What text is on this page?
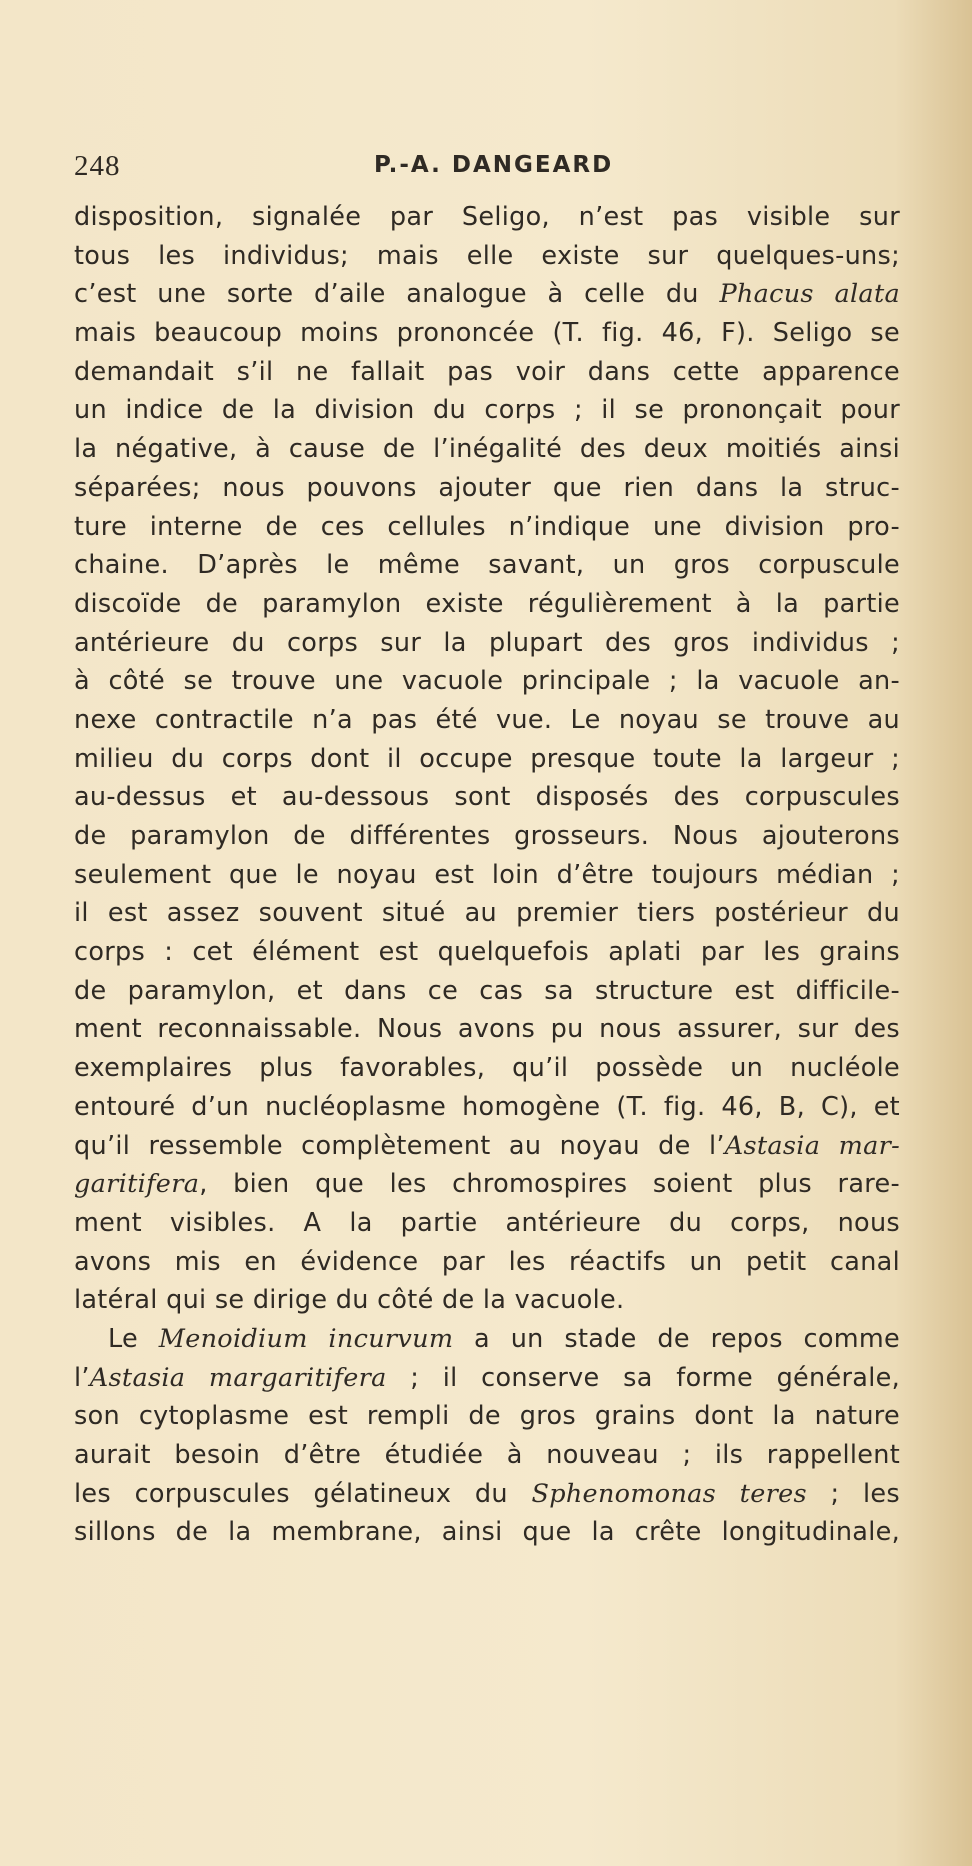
248	P.-A. DANGEARD
disposition, signalée par Seligo, n’est pas visible sur
tous les individus; mais elle existe sur quelques-uns;
c’est une sorte d’aile analogue à celle du Phacus alata
mais beaucoup moins prononcée (T. fig. 46, F). Seligo se
demandait s’il ne fallait pas voir dans cette apparence
un indice de la division du corps ; il se prononçait pour
la négative, à cause de l’inégalité des deux moitiés ainsi
séparées; nous pouvons ajouter que rien dans la struc-
ture interne de ces cellules n’indique une division pro-
chaine. D’après le même savant, un gros corpuscule
discoïde de paramylon existe régulièrement à la partie
antérieure du corps sur la plupart des gros individus ;
à côté se trouve une vacuole principale ; la vacuole an-
nexe contractile n’a pas été vue. Le noyau se trouve au
milieu du corps dont il occupe presque toute la largeur ;
au-dessus et au-dessous sont disposés des corpuscules
de paramylon de différentes grosseurs. Nous ajouterons
seulement que le noyau est loin d’être toujours médian ;
il est assez souvent situé au premier tiers postérieur du
corps : cet élément est quelquefois aplati par les grains
de paramylon, et dans ce cas sa structure est difficile-
ment reconnaissable. Nous avons pu nous assurer, sur des
exemplaires plus favorables, qu’il possède un nucléole
entouré d’un nucléoplasme homogène (T. fig. 46, B, C), et
qu’il ressemble complètement au noyau de l’Astasia mar-
garitifera, bien que les chromospires soient plus rare-
ment visibles. A la partie antérieure du corps, nous
avons mis en évidence par les réactifs un petit canal
latéral qui se dirige du côté de la vacuole.
Le Menoidium incurvum a un stade de repos comme
l’Astasia margaritifera ; il conserve sa forme générale,
son cytoplasme est rempli de gros grains dont la nature
aurait besoin d’être étudiée à nouveau ; ils rappellent
les corpuscules gélatineux du Sphenomonas teres ; les
sillons de la membrane, ainsi que la crête longitudinale,
